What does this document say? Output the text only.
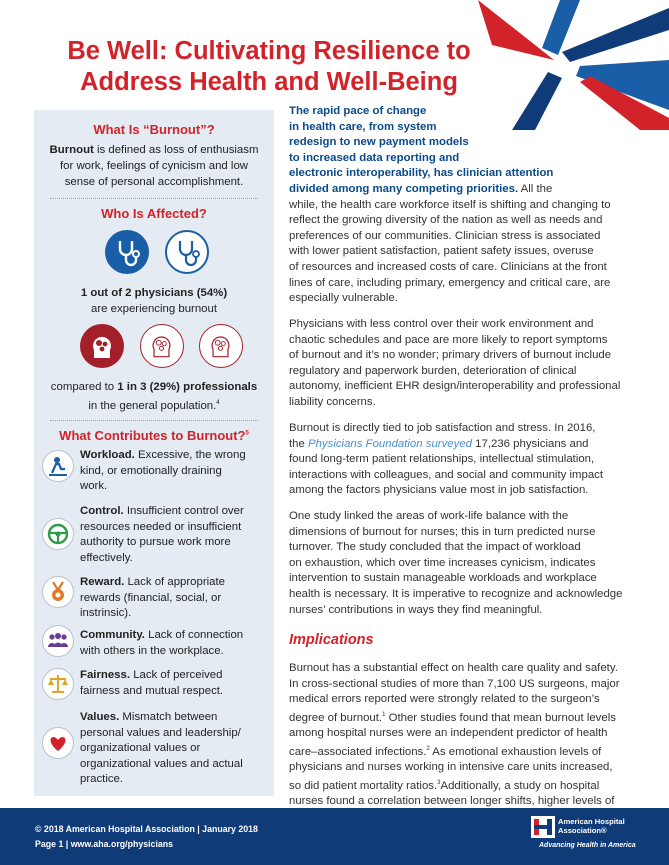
Be Well: Cultivating Resilience to
Address Health and Well-Being
What Is “Burnout”?
Burnout is defined as loss of enthusiasm
for work, feelings of cynicism and low
sense of personal accomplishment.
Who Is Affected?
1 out of 2 physicians (54%)
are experiencing burnout
compared to 1 in 3 (29%) professionals
in the general population.$^4$
What Contributes to Burnout?$^5$
Workload. Excessive, the wrong
kind, or emotionally draining
work.
Control. Insufficient control over
resources needed or insufficient
authority to pursue work more
effectively.
Reward. Lack of appropriate
rewards (financial, social, or
instrinsic).
Community. Lack of connection
with others in the workplace.
Fairness. Lack of perceived
fairness and mutual respect.
Values. Mismatch between
personal values and leadership/
organizational values or
organizational values and actual
practice.
The rapid pace of change
in health care, from system
redesign to new payment models
to increased data reporting and
electronic interoperability, has clinician attention
divided among many competing priorities. All the
while, the health care workforce itself is shifting and changing to
reflect the growing diversity of the nation as well as needs and
preferences of our communities. Clinician stress is associated
with lower patient satisfaction, patient safety issues, overuse
of resources and increased costs of care. Clinicians at the front
lines of care, including primary, emergency and critical care, are
especially vulnerable.
Physicians with less control over their work environment and
chaotic schedules and pace are more likely to report symptoms
of burnout and it’s no wonder; primary drivers of burnout include
regulatory and paperwork burden, deterioration of clinical
autonomy, inefficient EHR design/interoperability and professional
liability concerns.
Burnout is directly tied to job satisfaction and stress. In 2016,
the Physicians Foundation surveyed 17,236 physicians and
found long-term patient relationships, intellectual stimulation,
interactions with colleagues, and social and community impact
among the factors physicians value most in job satisfaction.
One study linked the areas of work-life balance with the
dimensions of burnout for nurses; this in turn predicted nurse
turnover. The study concluded that the impact of workload
on exhaustion, which over time increases cynicism, indicates
intervention to sustain manageable workloads and workplace
health is necessary. It is imperative to recognize and acknowledge
nurses’ contributions in ways they find meaningful.
Implications
Burnout has a substantial effect on health care quality and safety.
In cross-sectional studies of more than 7,100 US surgeons, major
medical errors reported were strongly related to the surgeon’s
degree of burnout.$^1$ Other studies found that mean burnout levels
among hospital nurses were an independent predictor of health
care–associated infections.$^2$ As emotional exhaustion levels of
physicians and nurses working in intensive care units increased,
so did patient mortality ratios.$^3$Additionally, a study on hospital
nurses found a correlation between longer shifts, higher levels of
© 2018 American Hospital Association | January 2018
Page 1 | www.aha.org/physicians
American Hospital
Association®
Advancing Health in America
